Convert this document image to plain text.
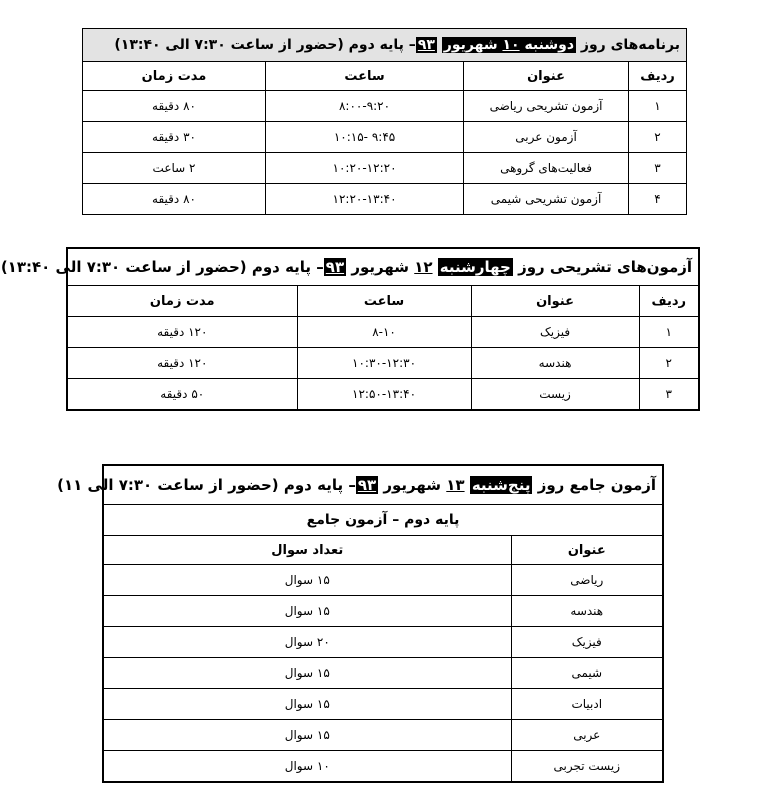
برنامه‌های روز دوشنبه ۱۰ شهریور ۹۳– پایه دوم (حضور از ساعت ۷:۳۰ الی ۱۳:۴۰)			
ردیف	عنوان	ساعت	مدت زمان
۱	آزمون تشریحی ریاضی	۸:۰۰-۹:۲۰	۸۰ دقیقه
۲	آزمون عربی	۹:۴۵ -۱۰:۱۵	۳۰ دقیقه
۳	فعالیت‌های گروهی	۱۰:۲۰-۱۲:۲۰	۲ ساعت
۴	آزمون تشریحی شیمی	۱۲:۲۰-۱۳:۴۰	۸۰ دقیقه
آزمون‌های تشریحی روز چهارشنبه ۱۲ شهریور ۹۳– پایه دوم (حضور از ساعت ۷:۳۰ الی ۱۳:۴۰)			
ردیف	عنوان	ساعت	مدت زمان
۱	فیزیک	۸-۱۰	۱۲۰ دقیقه
۲	هندسه	۱۰:۳۰-۱۲:۳۰	۱۲۰ دقیقه
۳	زیست	۱۲:۵۰-۱۳:۴۰	۵۰ دقیقه
آزمون جامع روز پنج‌شنبه ۱۳ شهریور ۹۳– پایه دوم (حضور از ساعت ۷:۳۰ الی ۱۱)	
پایه دوم – آزمون جامع	
عنوان	تعداد سوال
ریاضی	۱۵ سوال
هندسه	۱۵ سوال
فیزیک	۲۰ سوال
شیمی	۱۵ سوال
ادبیات	۱۵ سوال
عربی	۱۵ سوال
زیست تجربی	۱۰ سوال
